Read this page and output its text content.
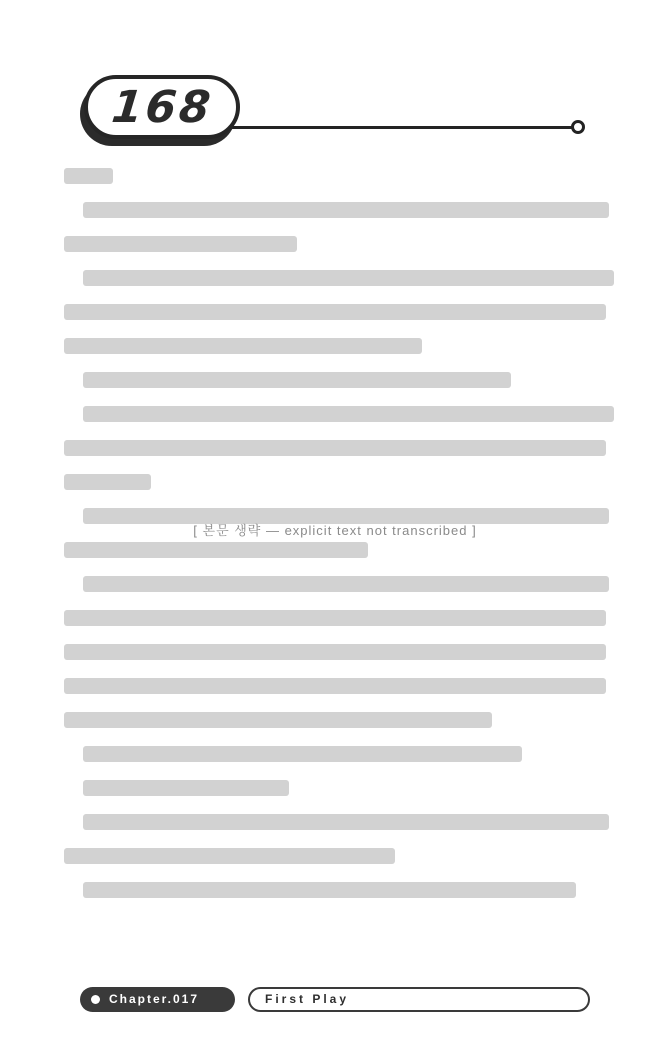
168
[ 본문 생략 — explicit text not transcribed ]
Chapter.017	First Play
